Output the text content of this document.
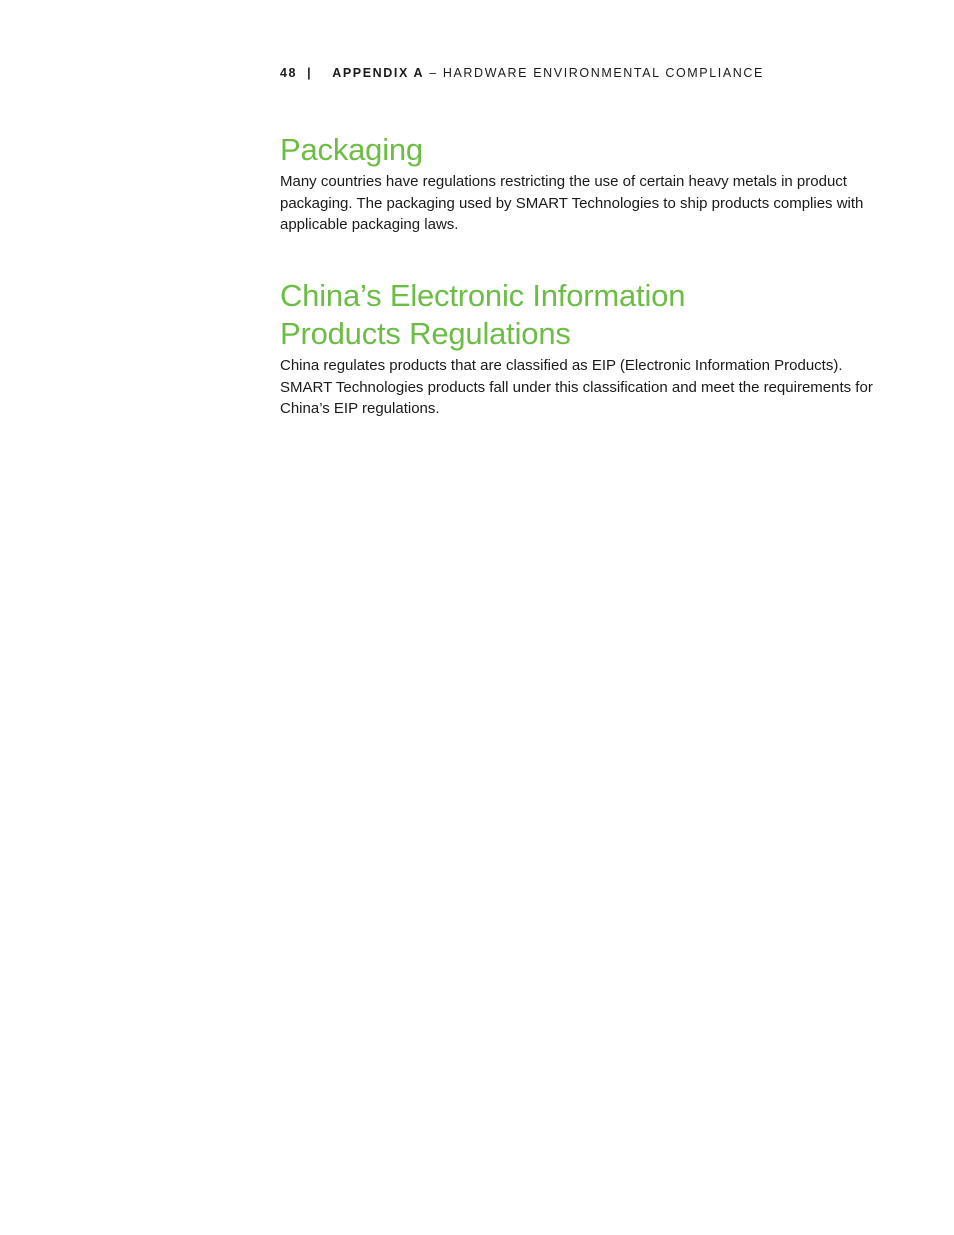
48 | APPENDIX A – HARDWARE ENVIRONMENTAL COMPLIANCE
Packaging

Many countries have regulations restricting the use of certain heavy metals in product packaging. The packaging used by SMART Technologies to ship products complies with applicable packaging laws.

China’s Electronic Information
Products Regulations

China regulates products that are classified as EIP (Electronic Information Products). SMART Technologies products fall under this classification and meet the requirements for China’s EIP regulations.
